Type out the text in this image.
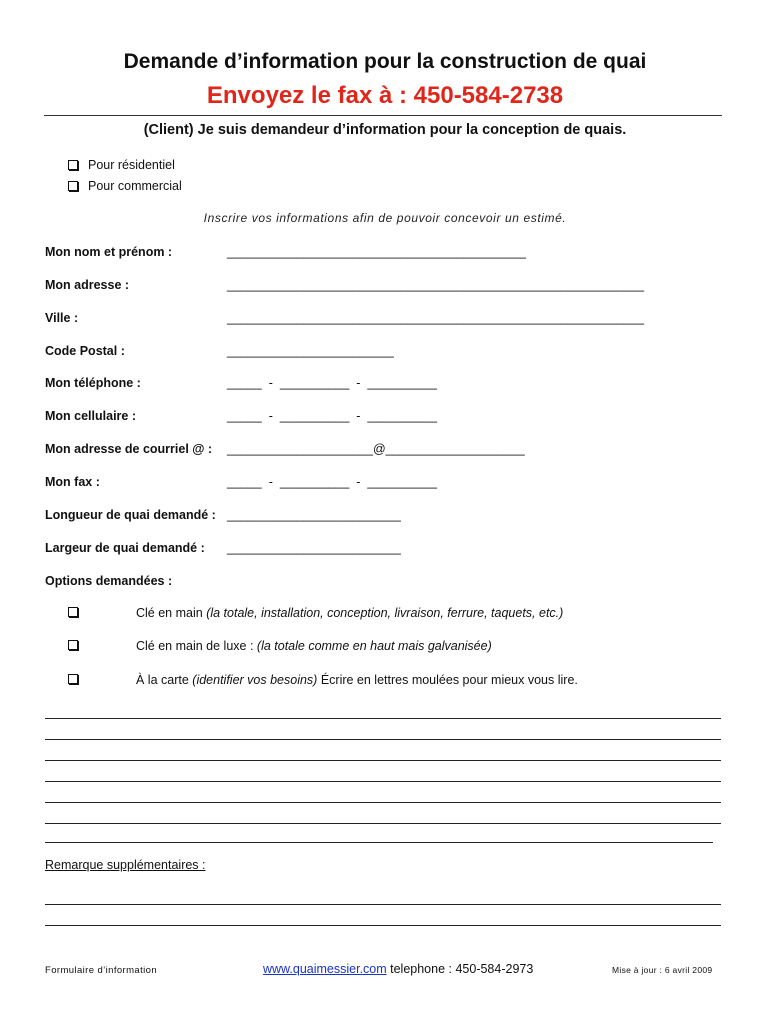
Demande d’information pour la construction de quai
Envoyez le fax à : 450-584-2738
(Client) Je suis demandeur d’information pour la conception de quais.
Pour résidentiel
Pour commercial
Inscrire vos informations afin de pouvoir concevoir un estimé.
Mon nom et prénom :	___________________________________________
Mon adresse :	____________________________________________________________
Ville :	____________________________________________________________
Code Postal :	________________________
Mon téléphone :	_____  -  __________  -  __________
Mon cellulaire :	_____  -  __________  -  __________
Mon adresse de courriel @ : _____________________@____________________
Mon fax :	_____  -  __________  -  __________
Longueur de quai demandé : _________________________
Largeur de quai demandé : _________________________
Options demandées :
Clé en main (la totale, installation, conception, livraison, ferrure, taquets, etc.)
Clé en main de luxe : (la totale comme en haut mais galvanisée)
À la carte (identifier vos besoins) Écrire en lettres moulées pour mieux vous lire.
Remarque supplémentaires :
Formulaire d’information	www.quaimessier.com telephone : 450-584-2973	Mise à jour : 6 avril 2009
